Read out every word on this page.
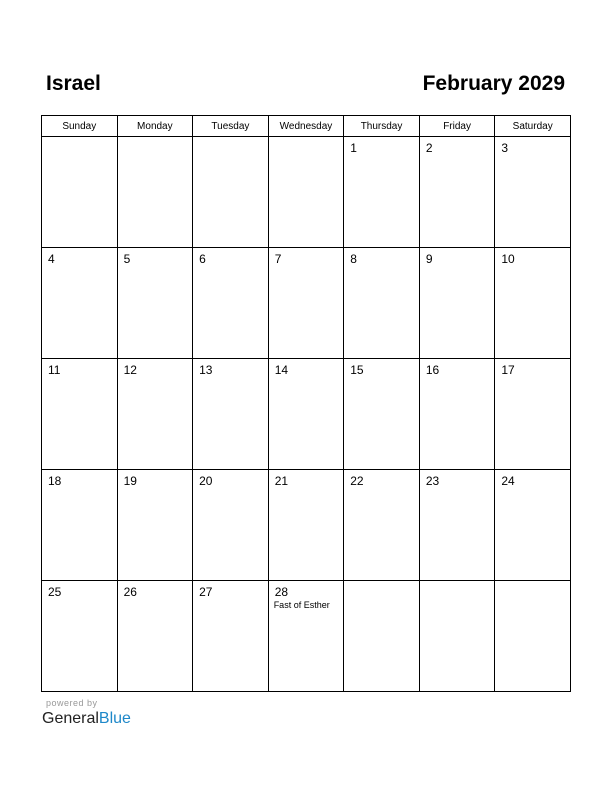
Israel	February 2029
Sunday	Monday	Tuesday	Wednesday	Thursday	Friday	Saturday

				1	2	3

4	5	6	7	8	9	10

11	12	13	14	15	16	17

18	19	20	21	22	23	24

25	26	27	28
Fast of Esther			

powered by
GeneralBlue
